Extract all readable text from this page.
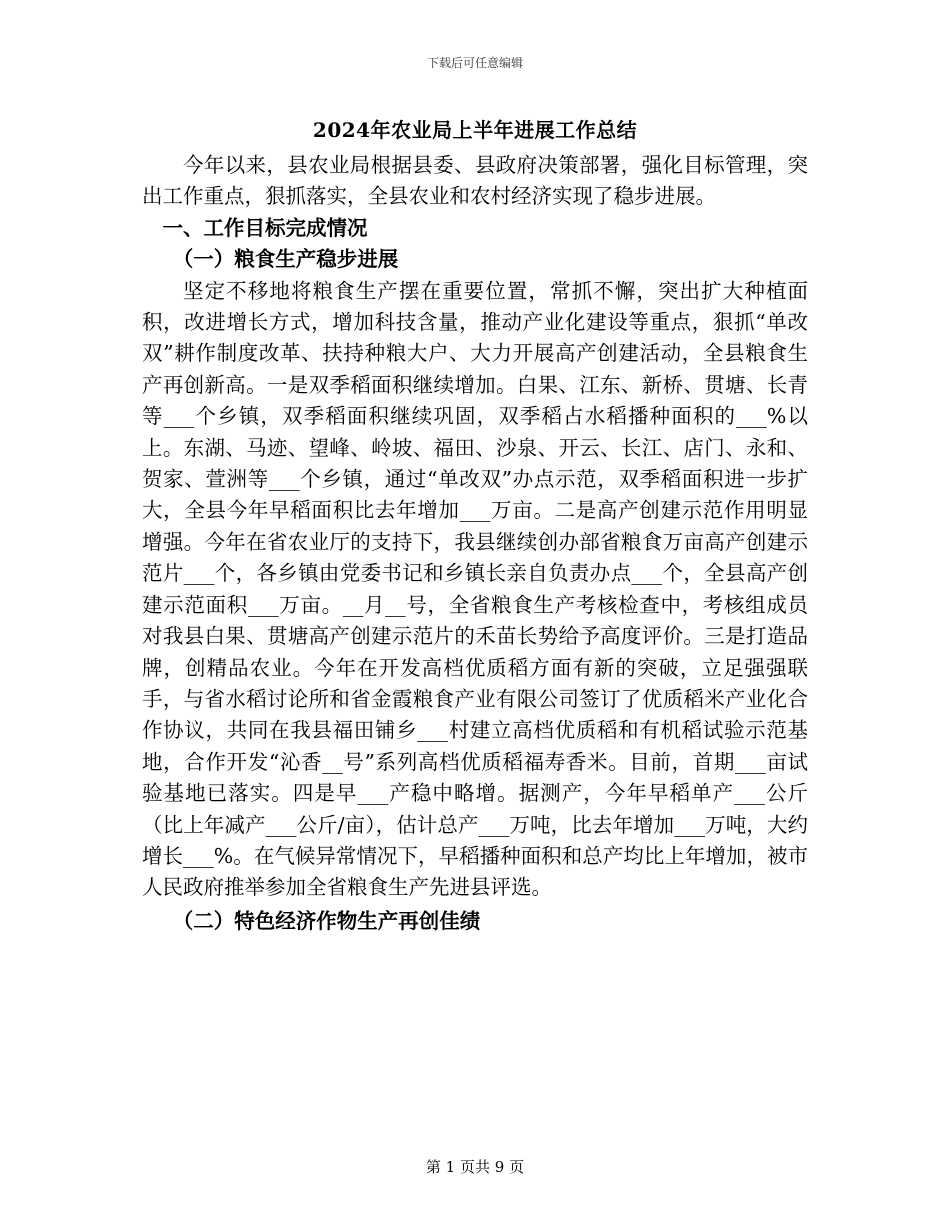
下载后可任意编辑
2024年农业局上半年进展工作总结

今年以来，县农业局根据县委、县政府决策部署，强化目标管理，突出工作重点，狠抓落实，全县农业和农村经济实现了稳步进展。

一、工作目标完成情况
（一）粮食生产稳步进展

坚定不移地将粮食生产摆在重要位置，常抓不懈，突出扩大种植面积，改进增长方式，增加科技含量，推动产业化建设等重点，狠抓“单改双”耕作制度改革、扶持种粮大户、大力开展高产创建活动，全县粮食生产再创新高。一是双季稻面积继续增加。白果、江东、新桥、贯塘、长青等___个乡镇，双季稻面积继续巩固，双季稻占水稻播种面积的___%以上。东湖、马迹、望峰、岭坡、福田、沙泉、开云、长江、店门、永和、贺家、萱洲等___个乡镇，通过“单改双”办点示范，双季稻面积进一步扩大，全县今年早稻面积比去年增加___万亩。二是高产创建示范作用明显增强。今年在省农业厅的支持下，我县继续创办部省粮食万亩高产创建示范片___个，各乡镇由党委书记和乡镇长亲自负责办点___个，全县高产创建示范面积___万亩。__月__号，全省粮食生产考核检查中，考核组成员对我县白果、贯塘高产创建示范片的禾苗长势给予高度评价。三是打造品牌，创精品农业。今年在开发高档优质稻方面有新的突破，立足强强联手，与省水稻讨论所和省金霞粮食产业有限公司签订了优质稻米产业化合作协议，共同在我县福田铺乡___村建立高档优质稻和有机稻试验示范基地，合作开发“沁香__号”系列高档优质稻福寿香米。目前，首期___亩试验基地已落实。四是早___产稳中略增。据测产，今年早稻单产___公斤（比上年减产___公斤/亩），估计总产___万吨，比去年增加___万吨，大约增长___%。在气候异常情况下，早稻播种面积和总产均比上年增加，被市人民政府推举参加全省粮食生产先进县评选。

（二）特色经济作物生产再创佳绩
第 1 页共 9 页
